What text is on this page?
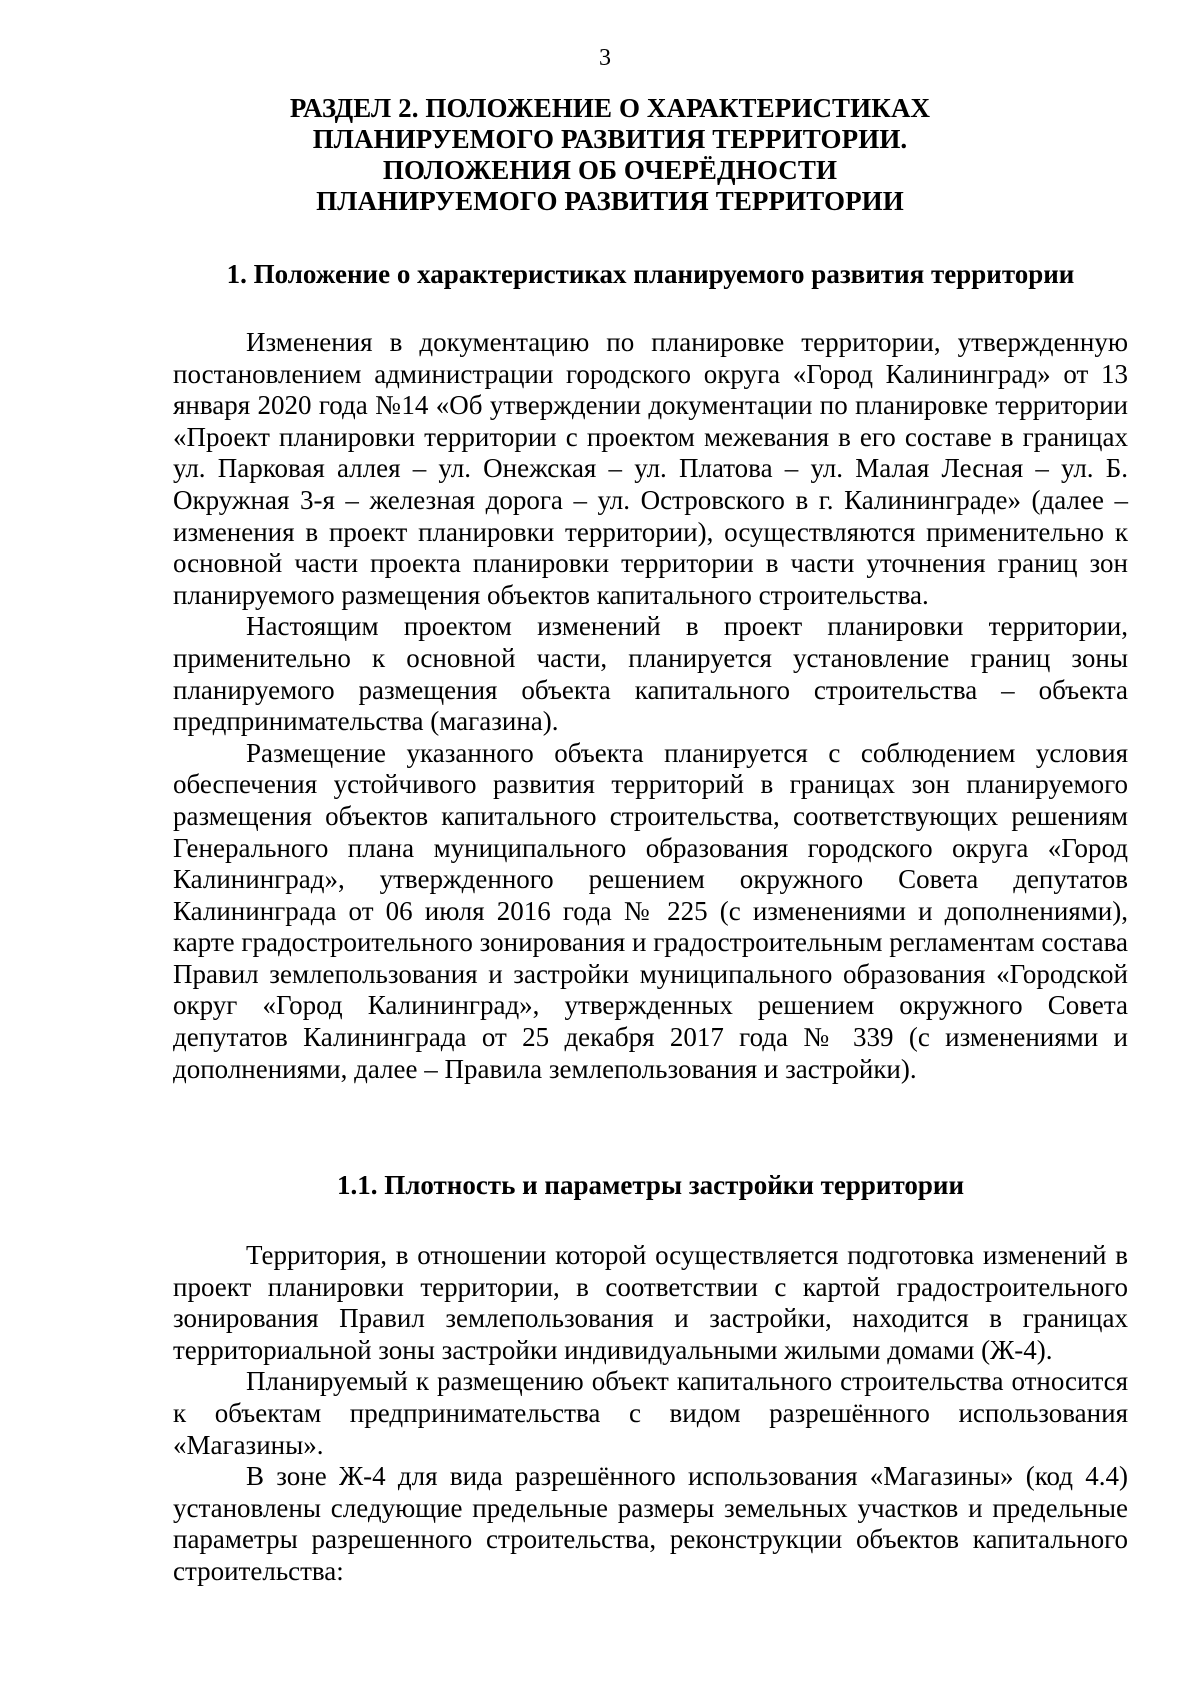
3
РАЗДЕЛ 2. ПОЛОЖЕНИЕ О ХАРАКТЕРИСТИКАХ
ПЛАНИРУЕМОГО РАЗВИТИЯ ТЕРРИТОРИИ.
ПОЛОЖЕНИЯ ОБ ОЧЕРЁДНОСТИ
ПЛАНИРУЕМОГО РАЗВИТИЯ ТЕРРИТОРИИ
1. Положение о характеристиках планируемого развития территории

Изменения в документацию по планировке территории, утвержденную постановлением администрации городского округа «Город Калининград» от 13 января 2020 года №14 «Об утверждении документации по планировке территории «Проект планировки территории с проектом межевания в его составе в границах ул. Парковая аллея – ул. Онежская – ул. Платова – ул. Малая Лесная – ул. Б. Окружная 3-я – железная дорога – ул. Островского в г. Калининграде» (далее – изменения в проект планировки территории), осуществляются применительно к основной части проекта планировки территории в части уточнения границ зон планируемого размещения объектов капитального строительства.

Настоящим проектом изменений в проект планировки территории, применительно к основной части, планируется установление границ зоны планируемого размещения объекта капитального строительства – объекта предпринимательства (магазина).

Размещение указанного объекта планируется с соблюдением условия обеспечения устойчивого развития территорий в границах зон планируемого размещения объектов капитального строительства, соответствующих решениям Генерального плана муниципального образования городского округа «Город Калининград», утвержденного решением окружного Совета депутатов Калининграда от 06 июля 2016 года № 225 (с изменениями и дополнениями), карте градостроительного зонирования и градостроительным регламентам состава Правил землепользования и застройки муниципального образования «Городской округ «Город Калининград», утвержденных решением окружного Совета депутатов Калининграда от 25 декабря 2017 года № 339 (с изменениями и дополнениями, далее – Правила землепользования и застройки).

1.1. Плотность и параметры застройки территории

Территория, в отношении которой осуществляется подготовка изменений в проект планировки территории, в соответствии с картой градостроительного зонирования Правил землепользования и застройки, находится в границах территориальной зоны застройки индивидуальными жилыми домами (Ж-4).

Планируемый к размещению объект капитального строительства относится к объектам предпринимательства с видом разрешённого использования «Магазины».

В зоне Ж-4 для вида разрешённого использования «Магазины» (код 4.4) установлены следующие предельные размеры земельных участков и предельные параметры разрешенного строительства, реконструкции объектов капитального строительства:
